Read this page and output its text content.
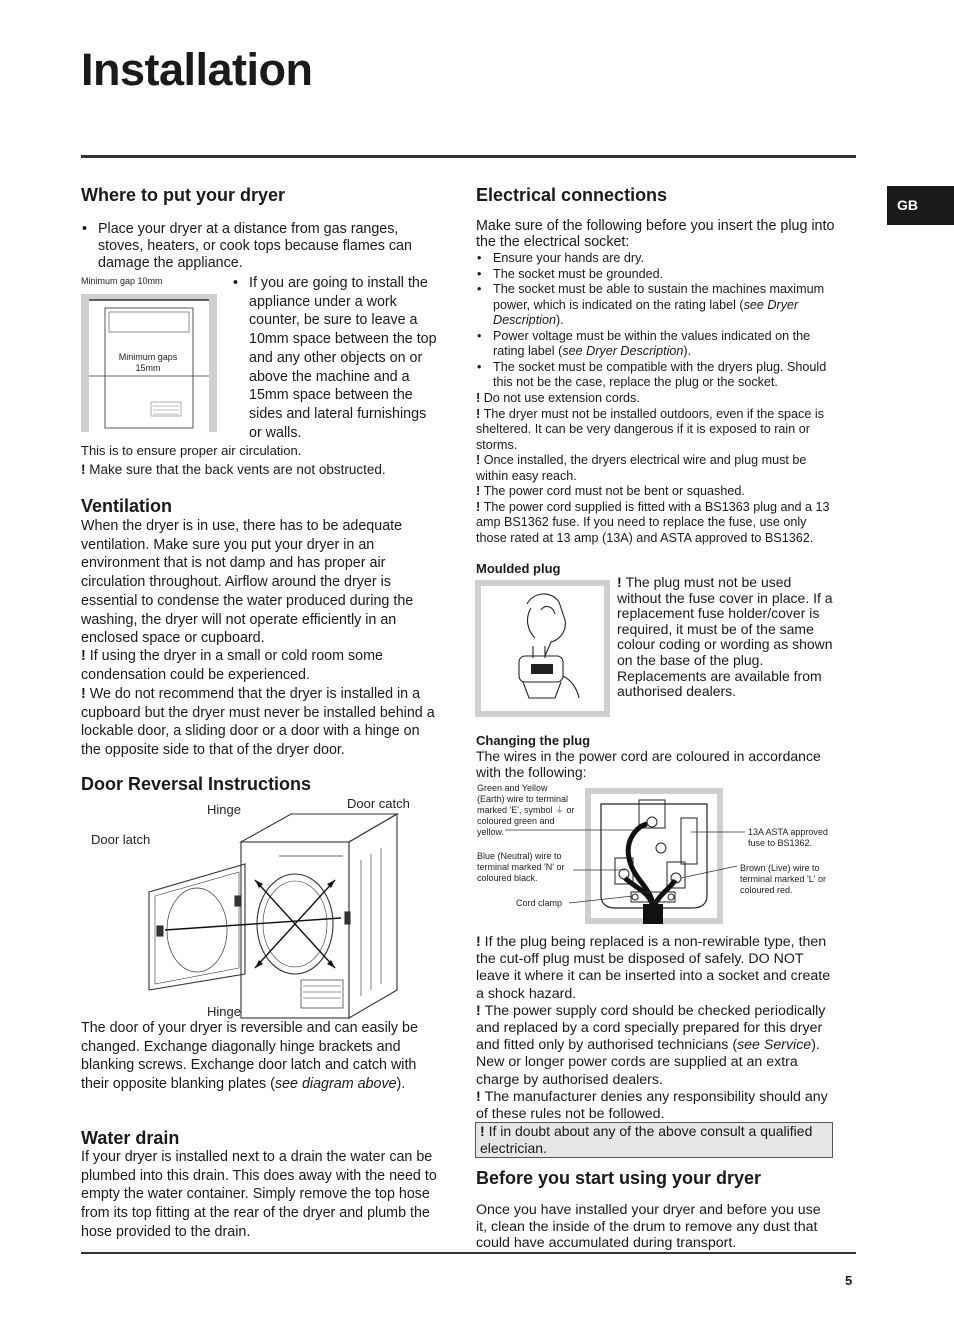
Installation
GB
Where to put your dryer
• Place your dryer at a distance from gas ranges, stoves, heaters, or cook tops because flames can damage the appliance.
Minimum gap 10mm
Minimum gaps 15mm
• If you are going to install the appliance under a work counter, be sure to leave a 10mm space between the top and any other objects on or above the machine and a 15mm space between the sides and lateral furnishings or walls.

This is to ensure proper air circulation.

! Make sure that the back vents are not obstructed.

Ventilation

When the dryer is in use, there has to be adequate ventilation. Make sure you put your dryer in an environment that is not damp and has proper air circulation throughout. Airflow around the dryer is essential to condense the water produced during the washing, the dryer will not operate efficiently in an enclosed space or cupboard.

! If using the dryer in a small or cold room some condensation could be experienced.

! We do not recommend that the dryer is installed in a cupboard but the dryer must never be installed behind a lockable door, a sliding door or a door with a hinge on the opposite side to that of the dryer door.

Door Reversal Instructions
Hinge	Door catch
Door latch
Hinge

The door of your dryer is reversible and can easily be changed. Exchange diagonally hinge brackets and blanking screws. Exchange door latch and catch with their opposite blanking plates (see diagram above).

Water drain

If your dryer is installed next to a drain the water can be plumbed into this drain. This does away with the need to empty the water container. Simply remove the top hose from its top fitting at the rear of the dryer and plumb the hose provided to the drain.

Electrical connections

Make sure of the following before you insert the plug into the the electrical socket:

• Ensure your hands are dry.
• The socket must be grounded.
• The socket must be able to sustain the machines maximum power, which is indicated on the rating label (see Dryer Description).
• Power voltage must be within the values indicated on the rating label (see Dryer Description).
• The socket must be compatible with the dryers plug. Should this not be the case, replace the plug or the socket.
! Do not use extension cords.
! The dryer must not be installed outdoors, even if the space is sheltered. It can be very dangerous if it is exposed to rain or storms.
! Once installed, the dryers electrical wire and plug must be within easy reach.
! The power cord must not be bent or squashed.
! The power cord supplied is fitted with a BS1363 plug and a 13 amp BS1362 fuse. If you need to replace the fuse, use only those rated at 13 amp (13A) and ASTA approved to BS1362.
Moulded plug

! The plug must not be used without the fuse cover in place. If a replacement fuse holder/cover is required, it must be of the same colour coding or wording as shown on the base of the plug. Replacements are available from authorised dealers.

Changing the plug

The wires in the power cord are coloured in accordance with the following:

Green and Yellow (Earth) wire to terminal marked 'E', symbol ⏚ or coloured green and yellow.
Blue (Neutral) wire to terminal marked 'N' or coloured black.
Cord clamp
13A ASTA approved fuse to BS1362.
Brown (Live) wire to terminal marked 'L' or coloured red.
! If the plug being replaced is a non-rewirable type, then the cut-off plug must be disposed of safely. DO NOT leave it where it can be inserted into a socket and create a shock hazard.
! The power supply cord should be checked periodically and replaced by a cord specially prepared for this dryer and fitted only by authorised technicians (see Service). New or longer power cords are supplied at an extra charge by authorised dealers.
! The manufacturer denies any responsibility should any of these rules not be followed.
! If in doubt about any of the above consult a qualified electrician.
Before you start using your dryer

Once you have installed your dryer and before you use it, clean the inside of the drum to remove any dust that could have accumulated during transport.

5
